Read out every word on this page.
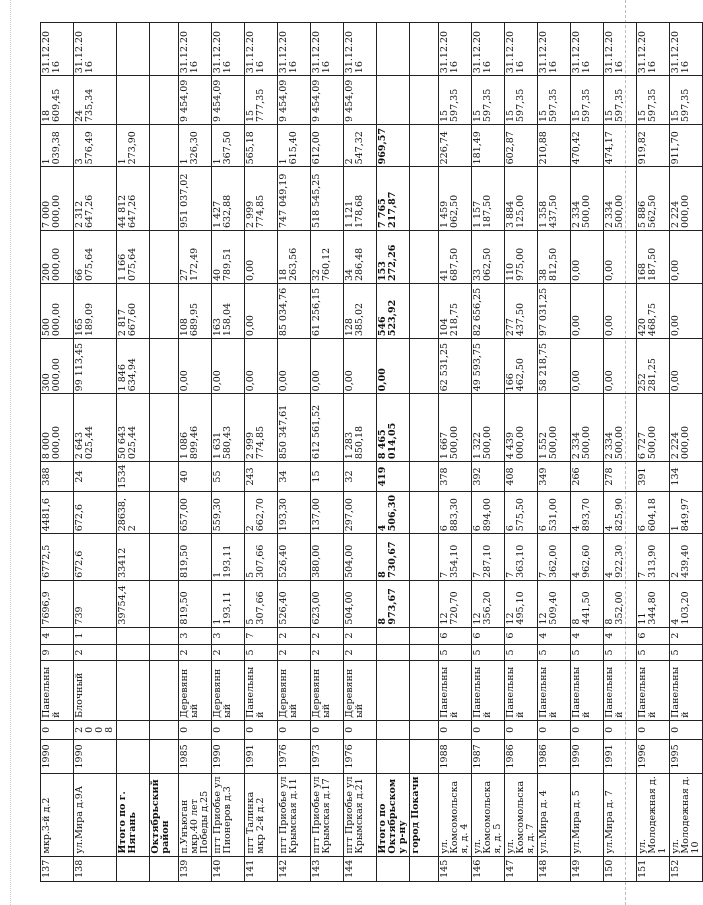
137	мкр.3-й д.2	1990	0	Панельный	9	4	7696,9	6772,5	4481,6	388	8 000 000,00	300 000,00	500 000,00	200 000,00	7 000 000,00	1 039,38	18 609,45	31.12.2016
138	ул.Мира д.9А	1990	2 0 0 8	Блочный	2	1	739	672,6	672,6	24	2 643 025,44	99 113,45	165 189,09	66 075,64	2 312 647,26	3 576,49	24 735,34	31.12.2016
	Итого по г. Нягань						39754,4	33412	28638,2	1534	50 643 025,44	1 846 634,94	2 817 667,60	1 166 075,64	44 812 647,26	1 273,90		
	Октябрьский район																	
139	п.Унъюган мкр.40 лет Победы д.25	1985	0	Деревянный	2	3	819,50	819,50	657,00	40	1 086 899,46	0,00	108 689,95	27 172,49	951 037,02	1 326,30	9 454,09	31.12.2016
140	пгт Приобье ул Пионеров д.3	1990	0	Деревянный	2	3	1 193,11	1 193,11	559,30	55	1 631 580,43	0,00	163 158,04	40 789,51	1 427 632,88	1 367,50	9 454,09	31.12.2016
141	пгт Талинка мкр 2-й д.2	1991	0	Панельный	5	7	5 307,66	5 307,66	2 662,70	243	2 999 774,85	0,00	0,00	0,00	2 999 774,85	565,18	15 777,35	31.12.2016
142	пгт Приобье ул Крымская д.11	1976	0	Деревянный	2	2	526,40	526,40	193,30	34	850 347,61	0,00	85 034,76	18 263,56	747 049,19	1 615,40	9 454,09	31.12.2016
143	пгт Приобье ул Крымская д.17	1973	0	Деревянный	2	2	623,00	380,00	137,00	15	612 561,52	0,00	61 256,15	32 760,12	518 545,25	612,00	9 454,09	31.12.2016
144	пгт Приобье ул Крымская д.21	1976	0	Деревянный	2	2	504,00	504,00	297,00	32	1 283 850,18	0,00	128 385,02	34 286,48	1 121 178,68	2 547,32	9 454,09	31.12.2016
	Итого по Октябрьскому р-ну						8 973,67	8 730,67	4 506,30	419	8 465 014,05	0,00	546 523,92	153 272,26	7 765 217,87	969,57		
	город Покачи																	
145	ул. Комсомольская, д. 4	1988	0	Панельный	5	6	12 720,70	7 354,10	6 883,30	378	1 667 500,00	62 531,25	104 218,75	41 687,50	1 459 062,50	226,74	15 597,35	31.12.2016
146	ул. Комсомольская, д. 5	1987	0	Панельный	5	6	12 356,20	7 287,10	6 894,00	392	1 322 500,00	49 593,75	82 656,25	33 062,50	1 157 187,50	181,49	15 597,35	31.12.2016
147	ул. Комсомольская, д. 7	1986	0	Панельный	5	6	12 495,10	7 363,10	6 575,50	408	4 439 000,00	166 462,50	277 437,50	110 975,00	3 884 125,00	602,87	15 597,35	31.12.2016
148	ул.Мира д. 4	1986	0	Панельный	5	4	12 509,40	7 362,00	6 531,00	349	1 552 500,00	58 218,75	97 031,25	38 812,50	1 358 437,50	210,88	15 597,35	31.12.2016
149	ул.Мира д. 5	1990	0	Панельный	5	4	8 441,50	4 962,60	4 893,70	266	2 334 500,00	0,00	0,00	0,00	2 334 500,00	470,42	15 597,35	31.12.2016
150	ул.Мира д. 7	1991	0	Панельный	5	4	8 352,00	4 922,30	4 825,90	278	2 334 500,00	0,00	0,00	0,00	2 334 500,00	474,17	15 597,35	31.12.2016
151	ул. Молодежная д. 1	1996	0	Панельный	5	6	11 344,80	7 313,90	6 604,18	391	6 727 500,00	252 281,25	420 468,75	168 187,50	5 886 562,50	919,82	15 597,35	31.12.2016
152	ул. Молодежная д. 10	1995	0	Панельный	5	2	4 103,20	2 439,40	1 849,97	134	2 224 000,00	0,00	0,00	0,00	2 224 000,00	911,70	15 597,35	31.12.2016
